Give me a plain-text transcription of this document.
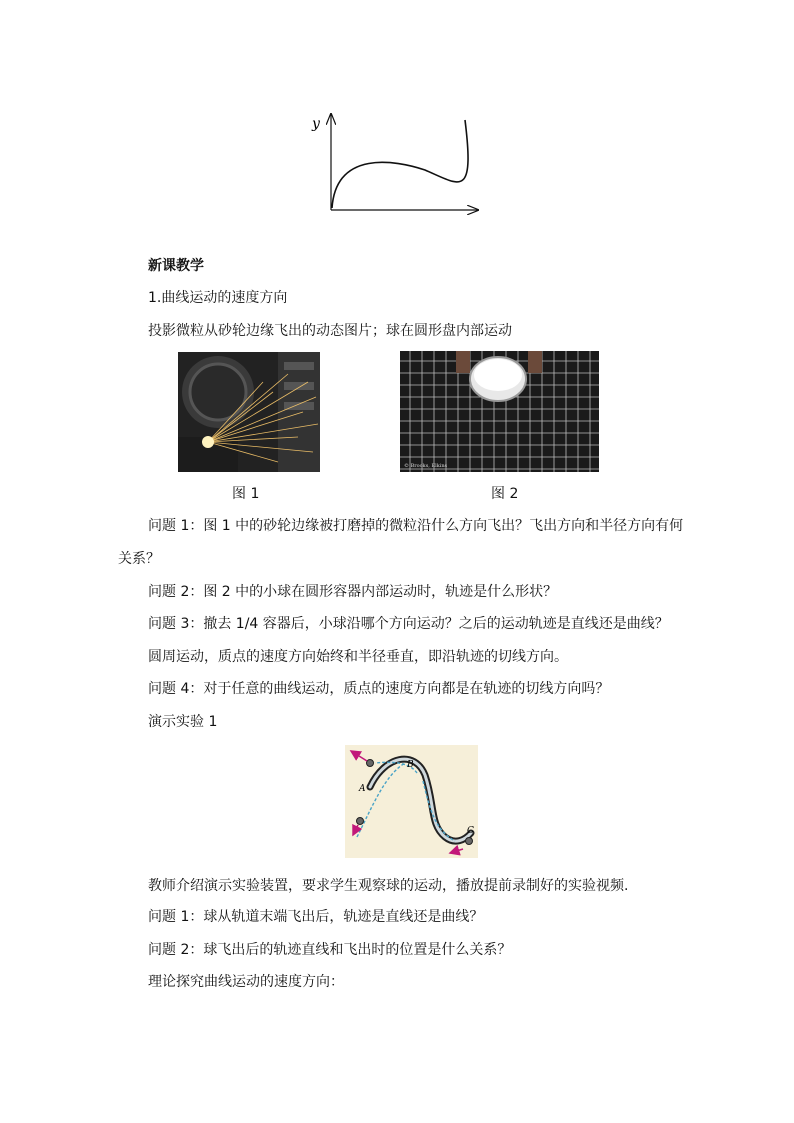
y
新课教学
1.曲线运动的速度方向
投影微粒从砂轮边缘飞出的动态图片；球在圆形盘内部运动
© Brooks, Elkins
图 1	图 2
问题 1：图 1 中的砂轮边缘被打磨掉的微粒沿什么方向飞出？飞出方向和半径方向有何
关系？
问题 2：图 2 中的小球在圆形容器内部运动时，轨迹是什么形状？
问题 3：撤去 1/4 容器后，小球沿哪个方向运动？之后的运动轨迹是直线还是曲线？
圆周运动，质点的速度方向始终和半径垂直，即沿轨迹的切线方向。
问题 4：对于任意的曲线运动，质点的速度方向都是在轨迹的切线方向吗？
演示实验 1
A
B
C
教师介绍演示实验装置，要求学生观察球的运动，播放提前录制好的实验视频.
问题 1：球从轨道末端飞出后，轨迹是直线还是曲线？
问题 2：球飞出后的轨迹直线和飞出时的位置是什么关系？
理论探究曲线运动的速度方向：
